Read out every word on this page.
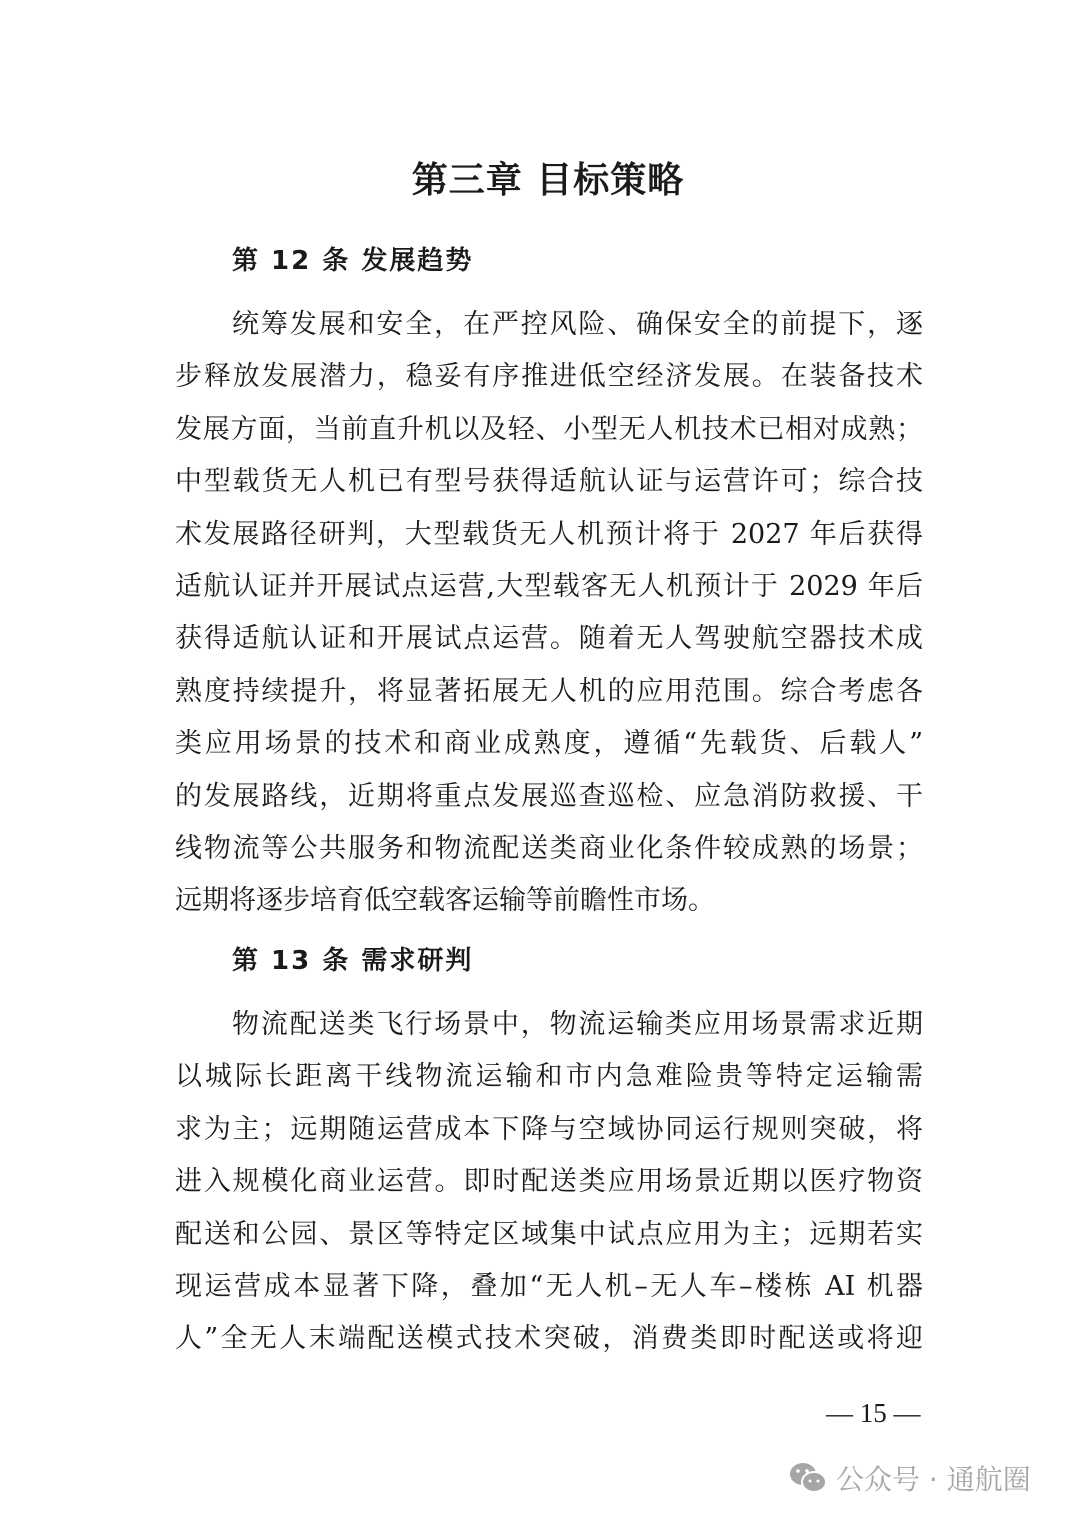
第三章 目标策略
第 12 条 发展趋势
统筹发展和安全，在严控风险、确保安全的前提下，逐
步释放发展潜力，稳妥有序推进低空经济发展。在装备技术
发展方面，当前直升机以及轻、小型无人机技术已相对成熟；
中型载货无人机已有型号获得适航认证与运营许可；综合技
术发展路径研判，大型载货无人机预计将于 2027 年后获得
适航认证并开展试点运营,大型载客无人机预计于 2029 年后
获得适航认证和开展试点运营。随着无人驾驶航空器技术成
熟度持续提升，将显著拓展无人机的应用范围。综合考虑各
类应用场景的技术和商业成熟度，遵循“先载货、后载人”
的发展路线，近期将重点发展巡查巡检、应急消防救援、干
线物流等公共服务和物流配送类商业化条件较成熟的场景；
远期将逐步培育低空载客运输等前瞻性市场。
第 13 条 需求研判
物流配送类飞行场景中，物流运输类应用场景需求近期
以城际长距离干线物流运输和市内急难险贵等特定运输需
求为主；远期随运营成本下降与空域协同运行规则突破，将
进入规模化商业运营。即时配送类应用场景近期以医疗物资
配送和公园、景区等特定区域集中试点应用为主；远期若实
现运营成本显著下降，叠加“无人机–无人车–楼栋 AI 机器
人”全无人末端配送模式技术突破，消费类即时配送或将迎
— 15 —
公众号 · 通航圈
